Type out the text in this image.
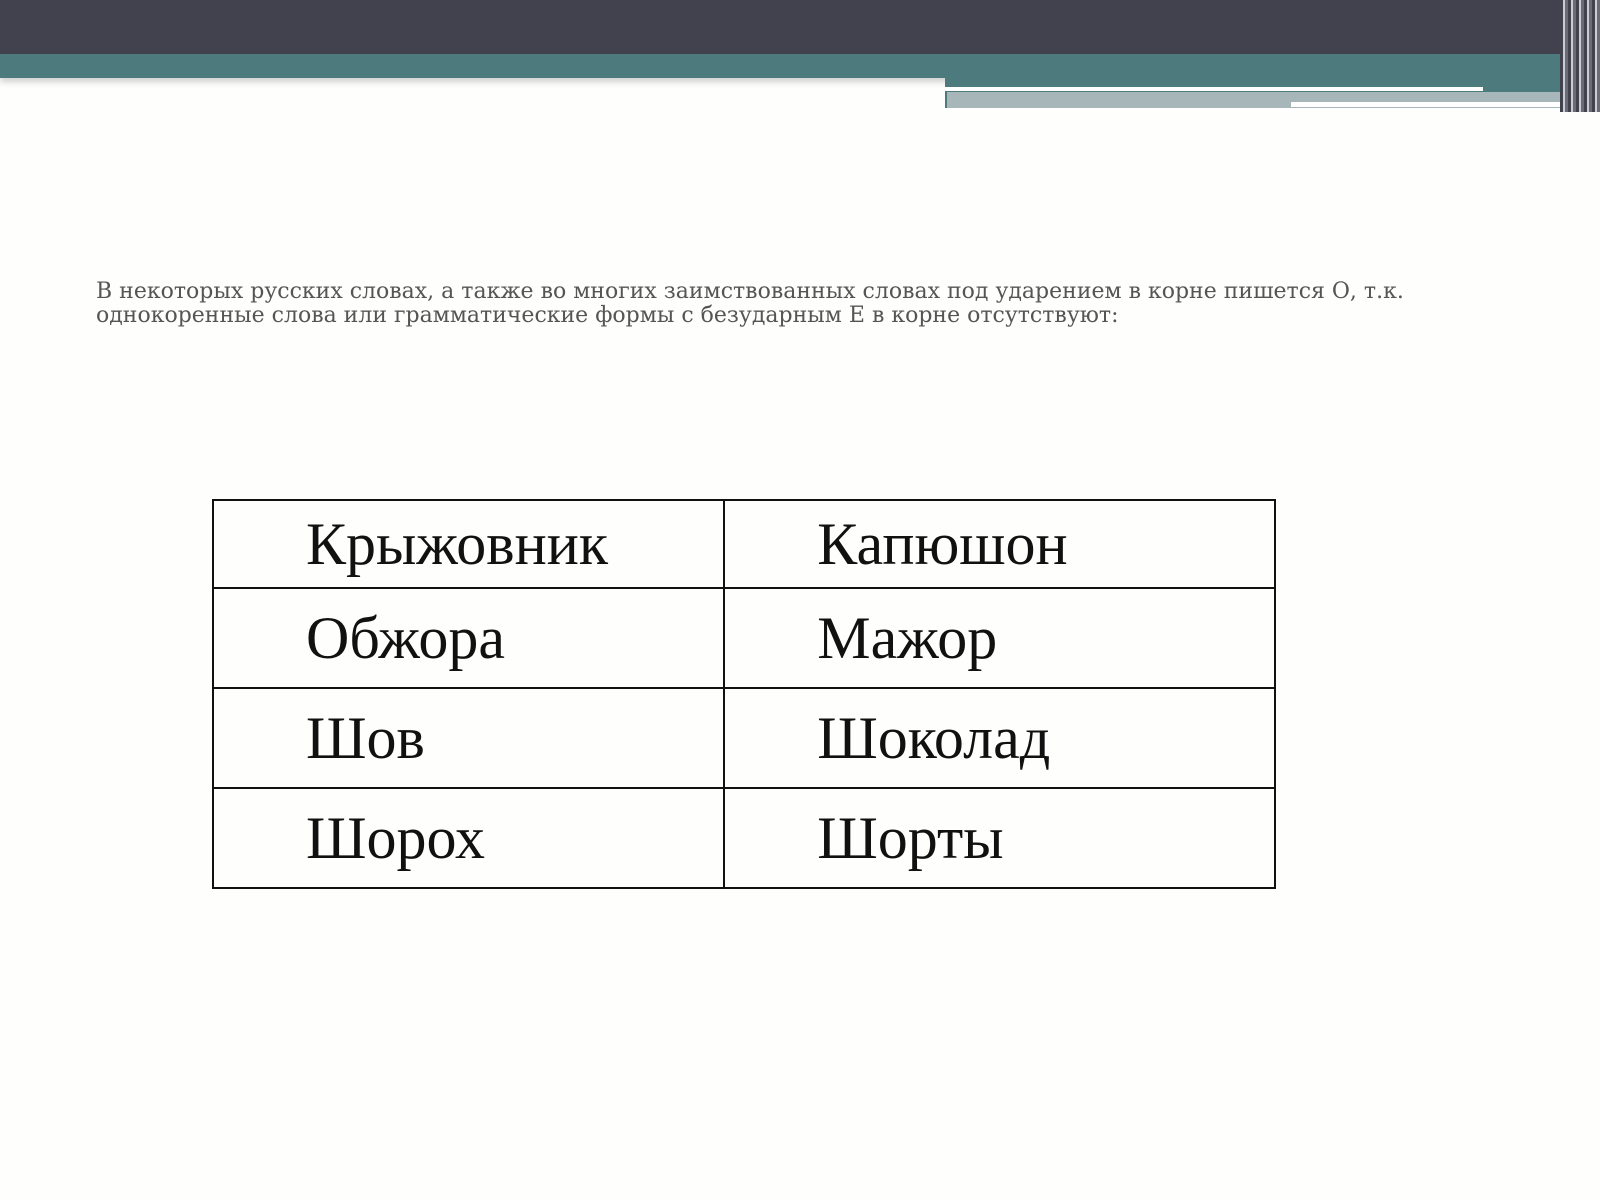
В некоторых русских словах, а также во многих заимствованных словах под ударением в корне пишется О, т.к. однокоренные слова или грамматические формы с безударным Е в корне отсутствуют:

Крыжовник	Капюшон
Обжора	Мажор
Шов	Шоколад
Шорох	Шорты
